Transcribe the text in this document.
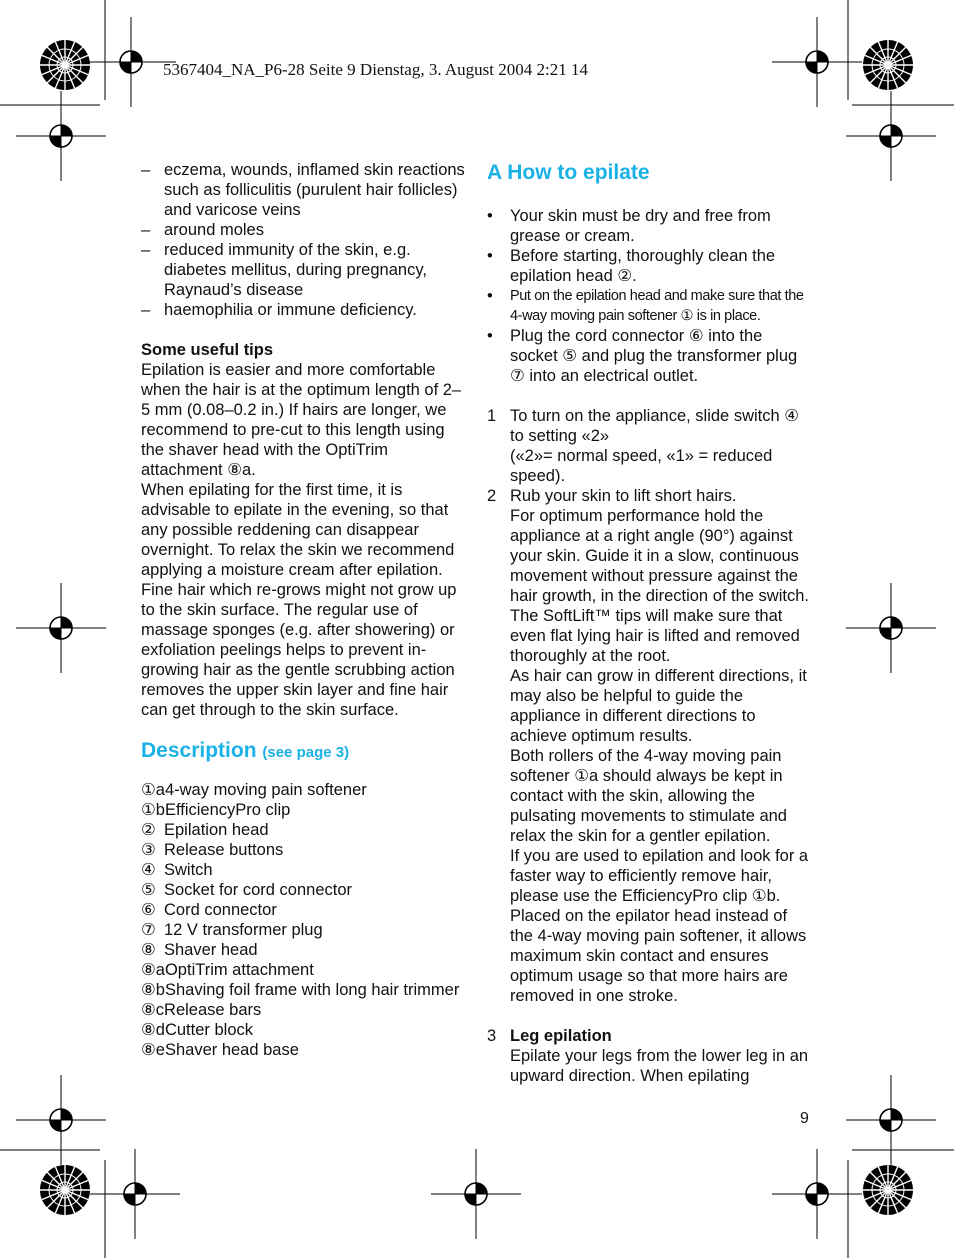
5367404_NA_P6-28 Seite 9 Dienstag, 3. August 2004 2:21 14
– eczema, wounds, inflamed skin reactions such as folliculitis (purulent hair follicles) and varicose veins
– around moles
– reduced immunity of the skin, e.g. diabetes mellitus, during pregnancy, Raynaud’s disease
– haemophilia or immune deficiency.
Some useful tips

Epilation is easier and more comfortable when the hair is at the optimum length of 2–5 mm (0.08–0.2 in.) If hairs are longer, we recommend to pre-cut to this length using the shaver head with the OptiTrim attachment ⑧a.

When epilating for the first time, it is advisable to epilate in the evening, so that any possible reddening can disappear overnight. To relax the skin we recommend applying a moisture cream after epilation. Fine hair which re-grows might not grow up to the skin surface. The regular use of massage sponges (e.g. after showering) or exfoliation peelings helps to prevent in-growing hair as the gentle scrubbing action removes the upper skin layer and fine hair can get through to the skin surface.

Description (see page 3)
①a 4-way moving pain softener
①b EfficiencyPro clip
② Epilation head
③ Release buttons
④ Switch
⑤ Socket for cord connector
⑥ Cord connector
⑦ 12 V transformer plug
⑧ Shaver head
⑧a OptiTrim attachment
⑧b Shaving foil frame with long hair trimmer
⑧c Release bars
⑧d Cutter block
⑧e Shaver head base
A How to epilate
•	Your skin must be dry and free from grease or cream.
•	Before starting, thoroughly clean the epilation head ②.
•	Put on the epilation head and make sure that the 4-way moving pain softener ① is in place.
•	Plug the cord connector ⑥ into the socket ⑤ and plug the transformer plug ⑦ into an electrical outlet.
1 To turn on the appliance, slide switch ④ to setting «2»
(«2»= normal speed, «1» = reduced speed).
2 Rub your skin to lift short hairs.
For optimum performance hold the appliance at a right angle (90°) against your skin. Guide it in a slow, continuous movement without pressure against the hair growth, in the direction of the switch. The SoftLift™ tips will make sure that even flat lying hair is lifted and removed thoroughly at the root.
As hair can grow in different directions, it may also be helpful to guide the appliance in different directions to achieve optimum results.
Both rollers of the 4-way moving pain softener ①a should always be kept in contact with the skin, allowing the pulsating movements to stimulate and relax the skin for a gentler epilation.
If you are used to epilation and look for a faster way to efficiently remove hair, please use the EfficiencyPro clip ①b. Placed on the epilator head instead of the 4-way moving pain softener, it allows maximum skin contact and ensures optimum usage so that more hairs are removed in one stroke.
3 Leg epilation
Epilate your legs from the lower leg in an upward direction. When epilating
9
